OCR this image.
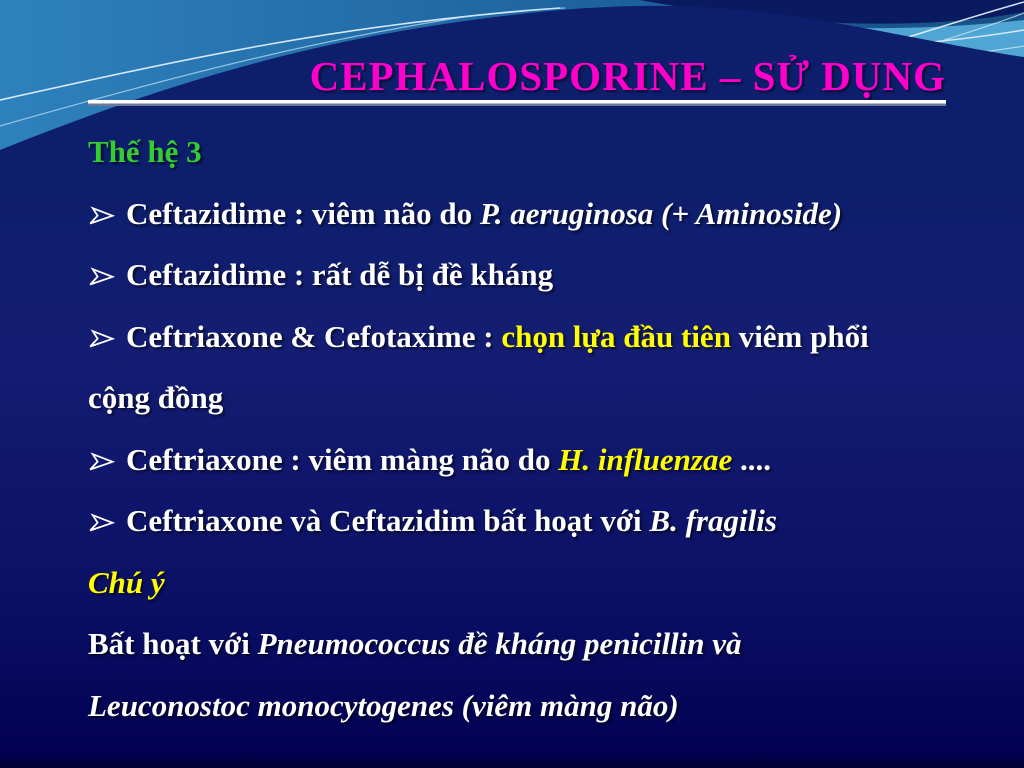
CEPHALOSPORINE – SỬ DỤNG
Thế hệ 3
Ceftazidime : viêm não do P. aeruginosa (+ Aminoside)
Ceftazidime : rất dễ bị đề kháng
Ceftriaxone & Cefotaxime : chọn lựa đầu tiên viêm phổi
cộng đồng
Ceftriaxone : viêm màng não do H. influenzae ....
Ceftriaxone và Ceftazidim bất hoạt với B. fragilis
Chú ý
Bất hoạt với Pneumococcus đề kháng penicillin và
Leuconostoc monocytogenes (viêm màng não)
